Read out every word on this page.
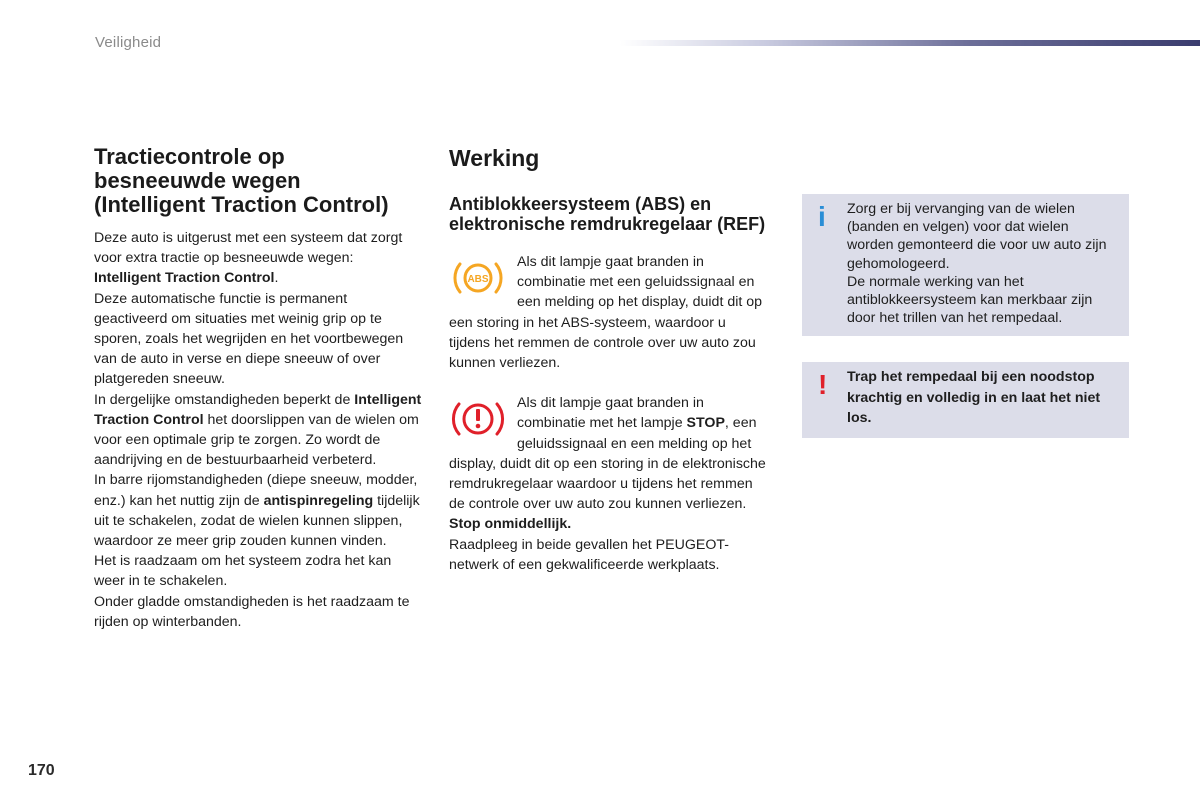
Veiligheid
Tractiecontrole op
besneeuwde wegen
(Intelligent Traction Control)

Deze auto is uitgerust met een systeem dat zorgt voor extra tractie op besneeuwde wegen: Intelligent Traction Control.

Deze automatische functie is permanent geactiveerd om situaties met weinig grip op te sporen, zoals het wegrijden en het voortbewegen van de auto in verse en diepe sneeuw of over platgereden sneeuw.

In dergelijke omstandigheden beperkt de Intelligent Traction Control het doorslippen van de wielen om voor een optimale grip te zorgen. Zo wordt de aandrijving en de bestuurbaarheid verbeterd.

In barre rijomstandigheden (diepe sneeuw, modder, enz.) kan het nuttig zijn de antispinregeling tijdelijk uit te schakelen, zodat de wielen kunnen slippen, waardoor ze meer grip zouden kunnen vinden.

Het is raadzaam om het systeem zodra het kan weer in te schakelen.

Onder gladde omstandigheden is het raadzaam te rijden op winterbanden.

Werking
Antiblokkeersysteem (ABS) en elektronische remdrukregelaar (REF)
ABS

Als dit lampje gaat branden in combinatie met een geluidssignaal en een melding op het display, duidt dit op een storing in het ABS-systeem, waardoor u tijdens het remmen de controle over uw auto zou kunnen verliezen.

Als dit lampje gaat branden in combinatie met het lampje STOP, een geluidssignaal en een melding op het display, duidt dit op een storing in de elektronische remdrukregelaar waardoor u tijdens het remmen de controle over uw auto zou kunnen verliezen.

Stop onmiddellijk.

Raadpleeg in beide gevallen het PEUGEOT-netwerk of een gekwalificeerde werkplaats.

i Zorg er bij vervanging van de wielen (banden en velgen) voor dat wielen worden gemonteerd die voor uw auto zijn gehomologeerd.

De normale werking van het antiblokkeersysteem kan merkbaar zijn door het trillen van het rempedaal.

! Trap het rempedaal bij een noodstop krachtig en volledig in en laat het niet los.
170
